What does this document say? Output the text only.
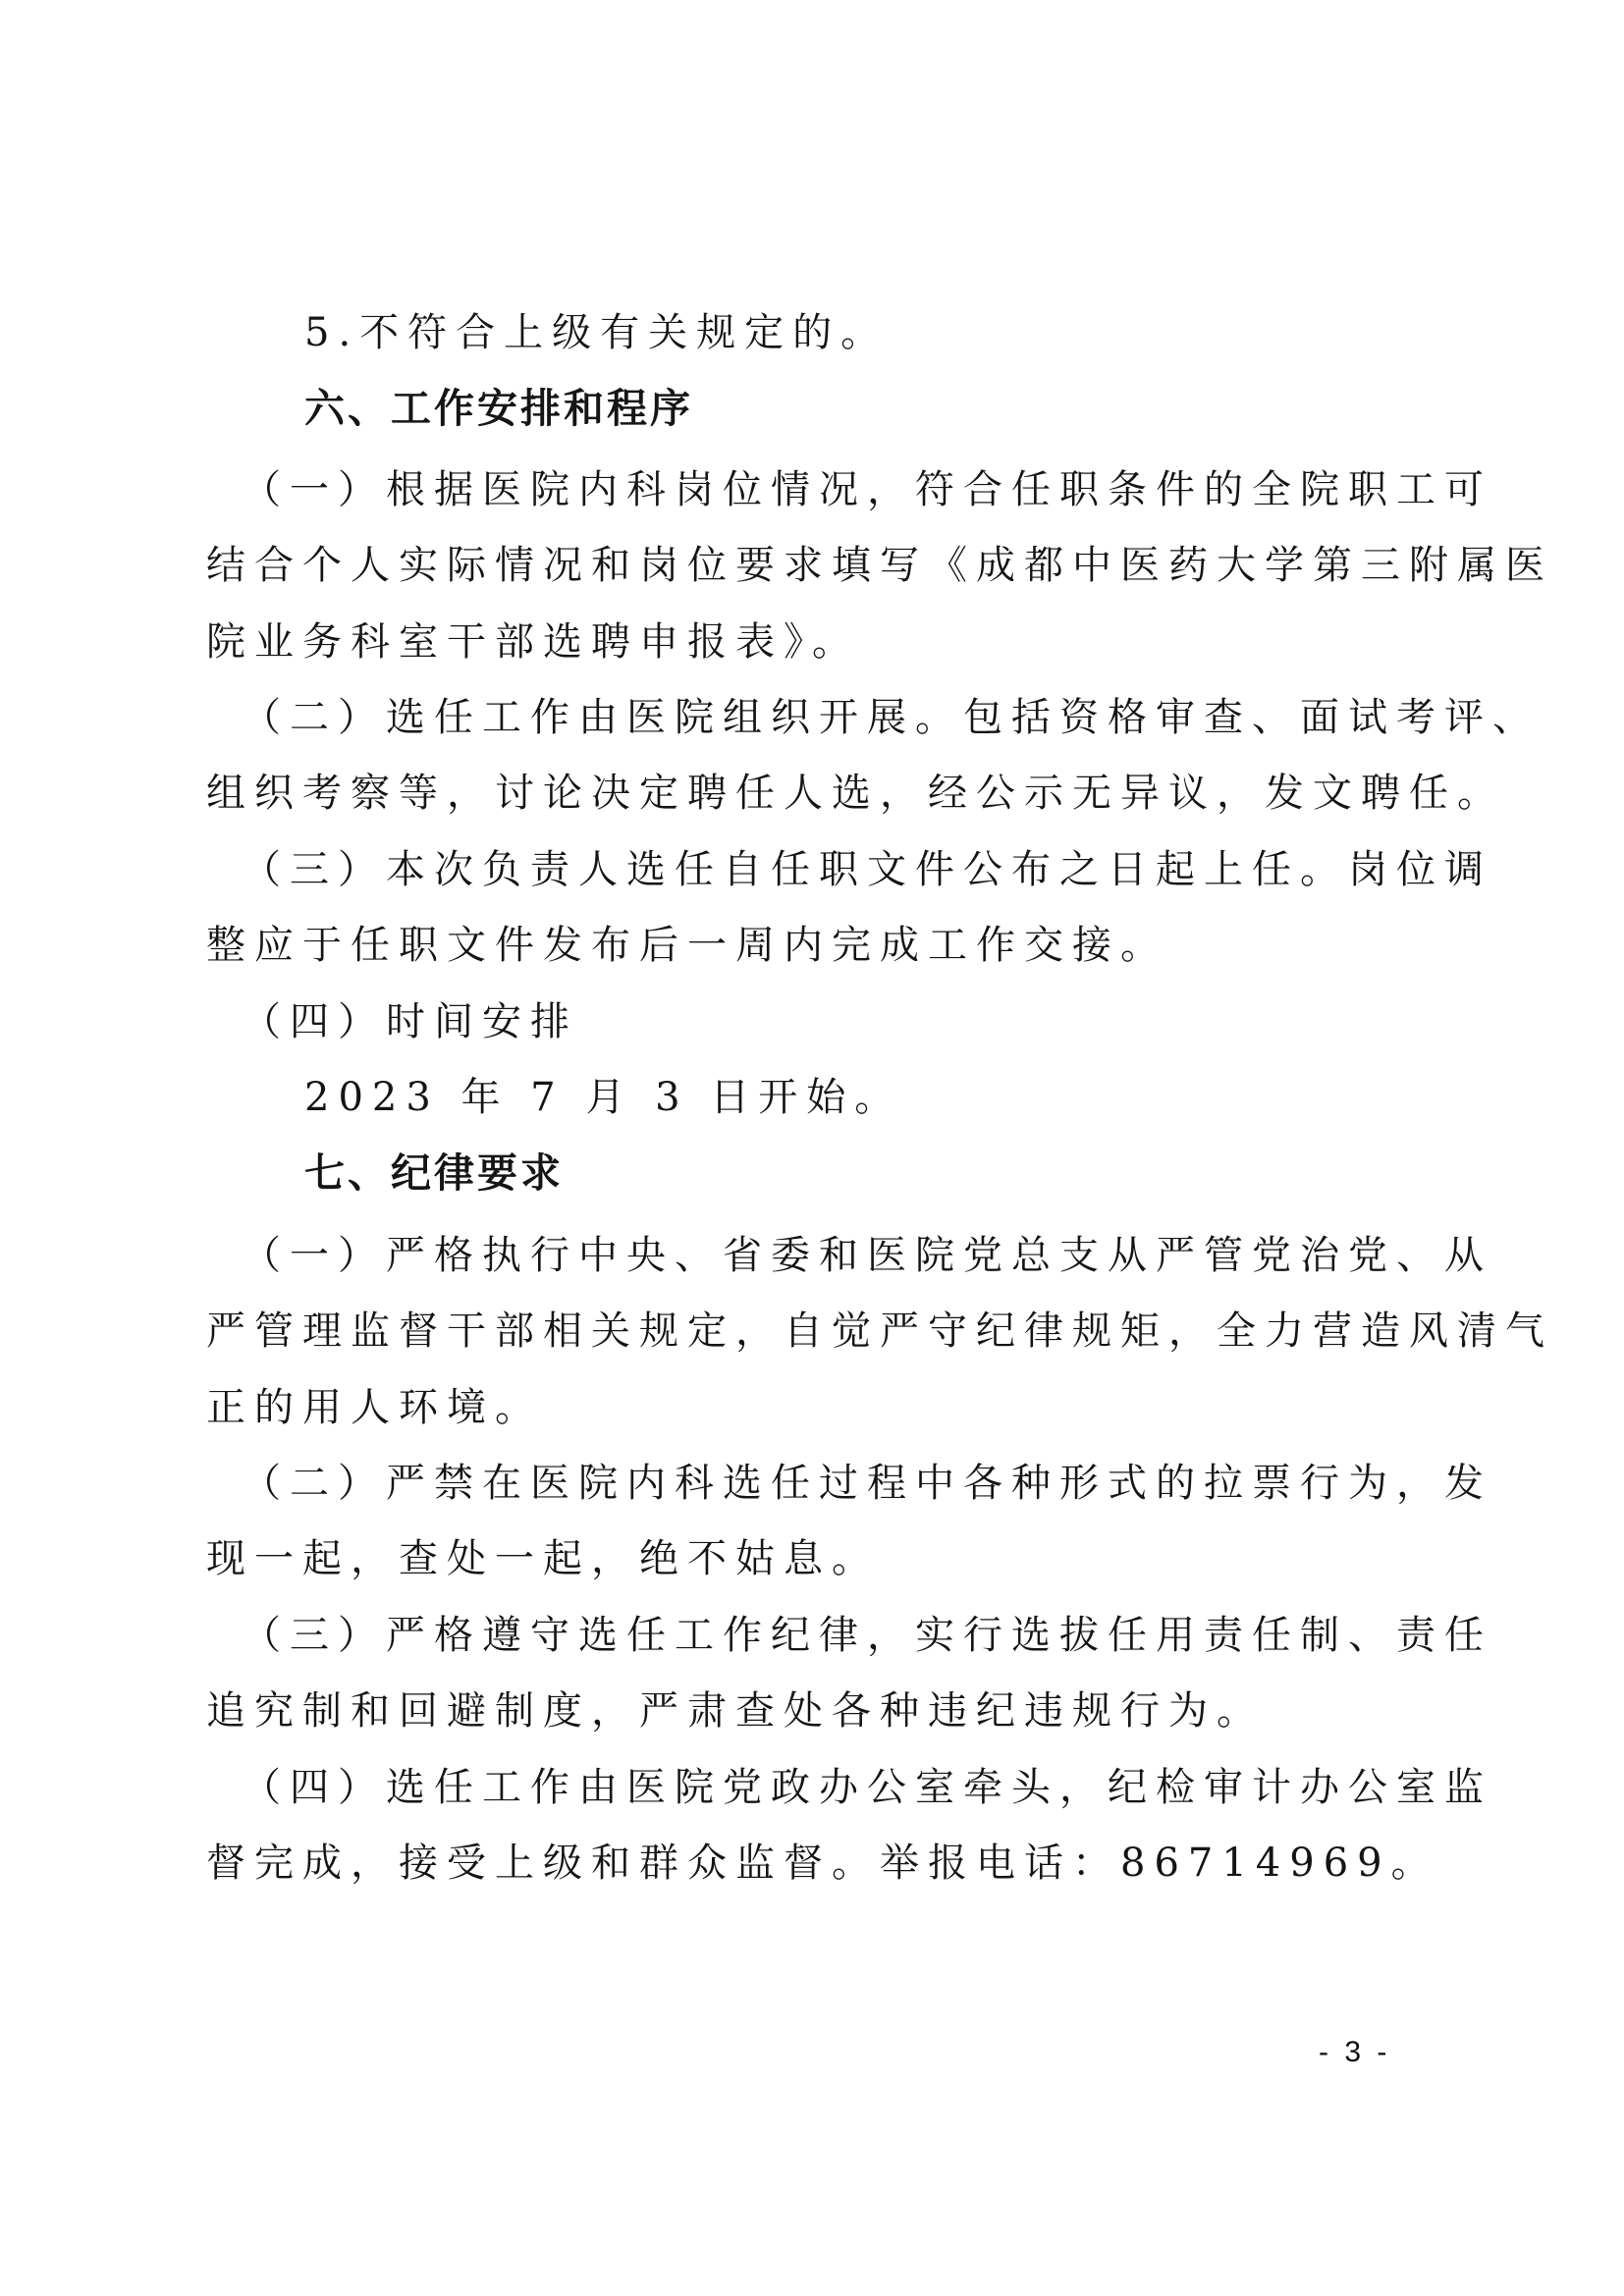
5.不符合上级有关规定的。
六、工作安排和程序
（一）根据医院内科岗位情况，符合任职条件的全院职工可
结合个人实际情况和岗位要求填写《成都中医药大学第三附属医
院业务科室干部选聘申报表》。
（二）选任工作由医院组织开展。包括资格审查、面试考评、
组织考察等，讨论决定聘任人选，经公示无异议，发文聘任。
（三）本次负责人选任自任职文件公布之日起上任。岗位调
整应于任职文件发布后一周内完成工作交接。
（四）时间安排
2023 年 7 月 3 日开始。
七、纪律要求
（一）严格执行中央、省委和医院党总支从严管党治党、从
严管理监督干部相关规定，自觉严守纪律规矩，全力营造风清气
正的用人环境。
（二）严禁在医院内科选任过程中各种形式的拉票行为，发
现一起，查处一起，绝不姑息。
（三）严格遵守选任工作纪律，实行选拔任用责任制、责任
追究制和回避制度，严肃查处各种违纪违规行为。
（四）选任工作由医院党政办公室牵头，纪检审计办公室监
督完成，接受上级和群众监督。举报电话：86714969。
- 3 -
